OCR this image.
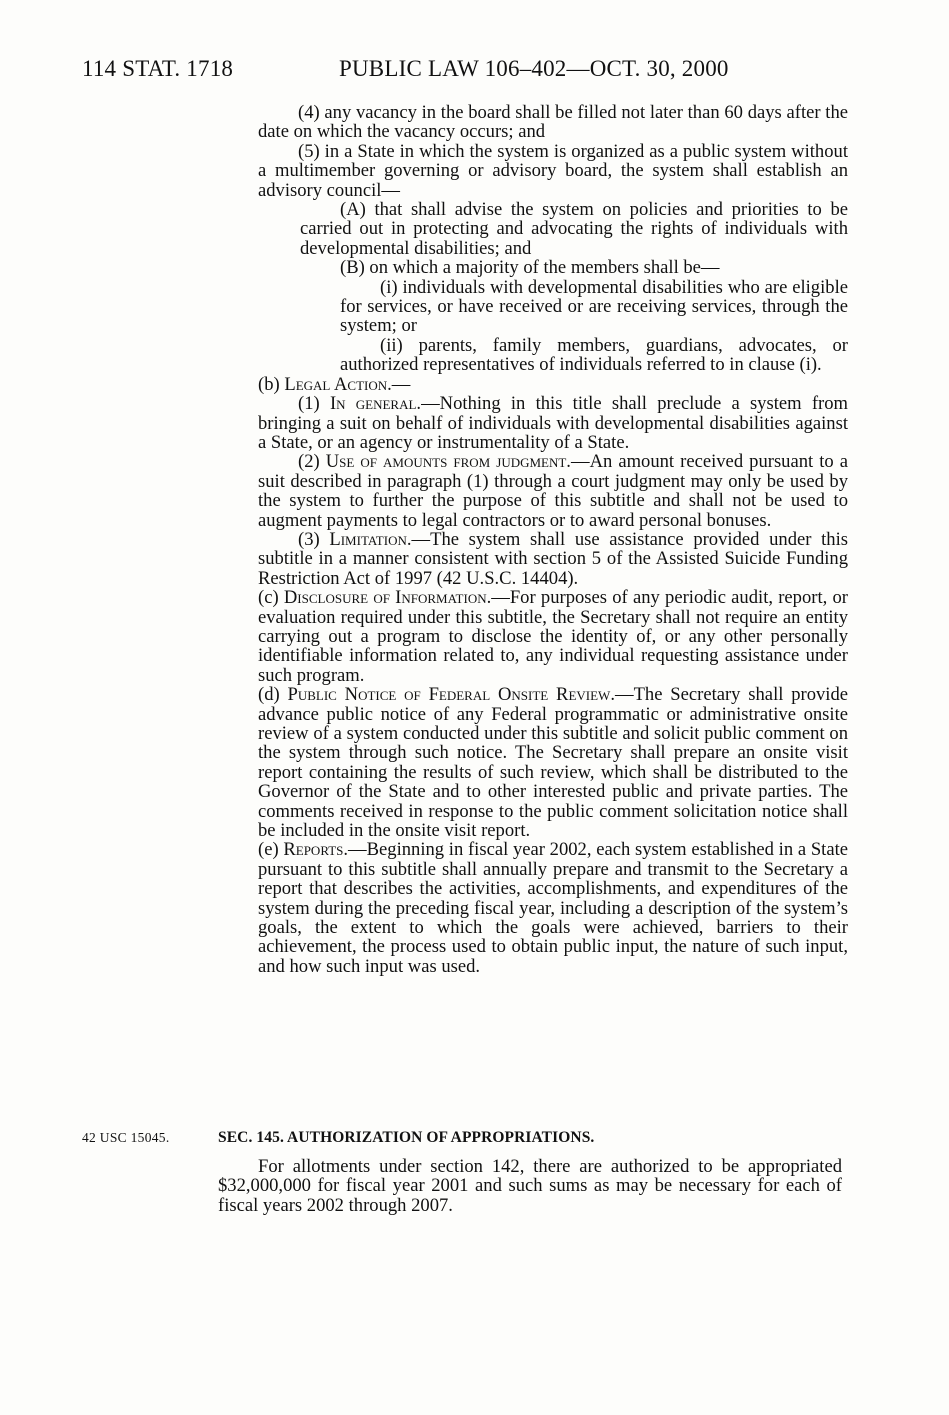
114 STAT. 1718	PUBLIC LAW 106–402—OCT. 30, 2000

(4) any vacancy in the board shall be filled not later than 60 days after the date on which the vacancy occurs; and

(5) in a State in which the system is organized as a public system without a multimember governing or advisory board, the system shall establish an advisory council—

(A) that shall advise the system on policies and priorities to be carried out in protecting and advocating the rights of individuals with developmental disabilities; and

(B) on which a majority of the members shall be—

(i) individuals with developmental disabilities who are eligible for services, or have received or are receiving services, through the system; or

(ii) parents, family members, guardians, advocates, or authorized representatives of individuals referred to in clause (i).

(b) Legal Action.—

(1) In general.—Nothing in this title shall preclude a system from bringing a suit on behalf of individuals with developmental disabilities against a State, or an agency or instrumentality of a State.

(2) Use of amounts from judgment.—An amount received pursuant to a suit described in paragraph (1) through a court judgment may only be used by the system to further the purpose of this subtitle and shall not be used to augment payments to legal contractors or to award personal bonuses.

(3) Limitation.—The system shall use assistance provided under this subtitle in a manner consistent with section 5 of the Assisted Suicide Funding Restriction Act of 1997 (42 U.S.C. 14404).

(c) Disclosure of Information.—For purposes of any periodic audit, report, or evaluation required under this subtitle, the Secretary shall not require an entity carrying out a program to disclose the identity of, or any other personally identifiable information related to, any individual requesting assistance under such program.

(d) Public Notice of Federal Onsite Review.—The Secretary shall provide advance public notice of any Federal programmatic or administrative onsite review of a system conducted under this subtitle and solicit public comment on the system through such notice. The Secretary shall prepare an onsite visit report containing the results of such review, which shall be distributed to the Governor of the State and to other interested public and private parties. The comments received in response to the public comment solicitation notice shall be included in the onsite visit report.

(e) Reports.—Beginning in fiscal year 2002, each system established in a State pursuant to this subtitle shall annually prepare and transmit to the Secretary a report that describes the activities, accomplishments, and expenditures of the system during the preceding fiscal year, including a description of the system’s goals, the extent to which the goals were achieved, barriers to their achievement, the process used to obtain public input, the nature of such input, and how such input was used.

42 USC 15045.	SEC. 145. AUTHORIZATION OF APPROPRIATIONS.

For allotments under section 142, there are authorized to be appropriated $32,000,000 for fiscal year 2001 and such sums as may be necessary for each of fiscal years 2002 through 2007.
